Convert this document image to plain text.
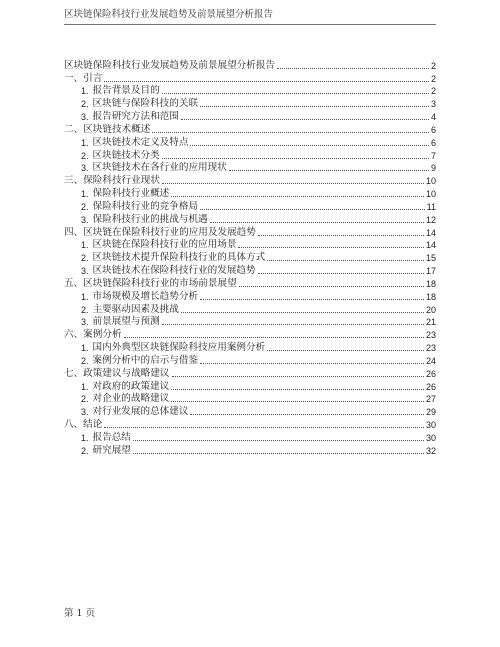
区块链保险科技行业发展趋势及前景展望分析报告
区块链保险科技行业发展趋势及前景展望分析报告	2
一、引言	2
1. 报告背景及目的	2
2. 区块链与保险科技的关联	3
3. 报告研究方法和范围	4
二、区块链技术概述	6
1. 区块链技术定义及特点	6
2. 区块链技术分类	7
3. 区块链技术在各行业的应用现状	9
三、保险科技行业现状	10
1. 保险科技行业概述	10
2. 保险科技行业的竞争格局	11
3. 保险科技行业的挑战与机遇	12
四、区块链在保险科技行业的应用及发展趋势	14
1. 区块链在保险科技行业的应用场景	14
2. 区块链技术提升保险科技行业的具体方式	15
3. 区块链技术在保险科技行业的发展趋势	17
五、区块链保险科技行业的市场前景展望	18
1. 市场规模及增长趋势分析	18
2. 主要驱动因素及挑战	20
3. 前景展望与预测	21
六、案例分析	23
1. 国内外典型区块链保险科技应用案例分析	23
2. 案例分析中的启示与借鉴	24
七、政策建议与战略建议	26
1. 对政府的政策建议	26
2. 对企业的战略建议	27
3. 对行业发展的总体建议	29
八、结论	30
1. 报告总结	30
2. 研究展望	32
第 1 页
